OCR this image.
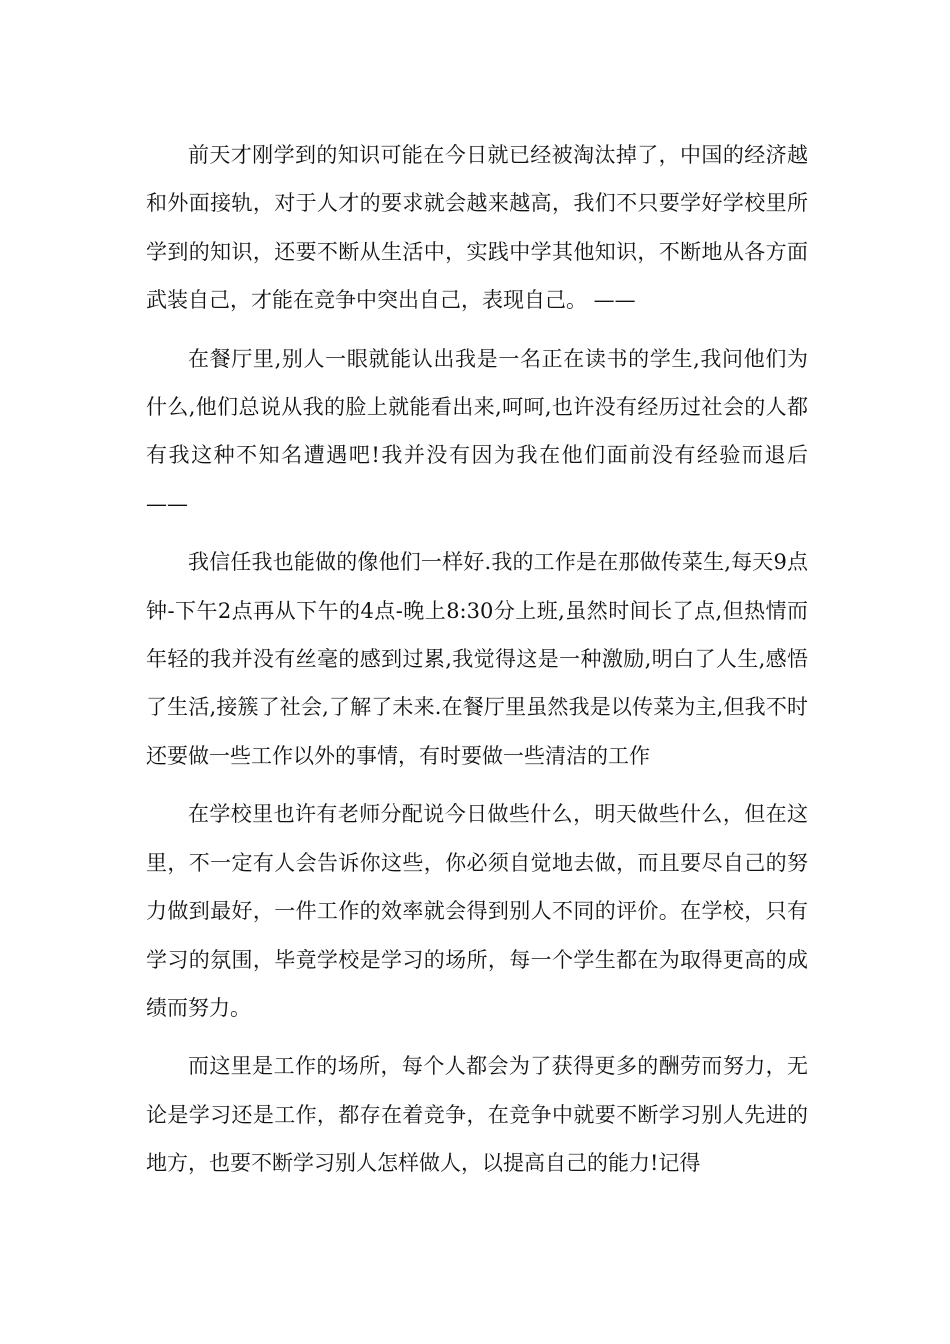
前天才刚学到的知识可能在今日就已经被淘汰掉了，中国的经济越和外面接轨，对于人才的要求就会越来越高，我们不只要学好学校里所学到的知识，还要不断从生活中，实践中学其他知识，不断地从各方面武装自己，才能在竞争中突出自己，表现自己。 ——

在餐厅里,别人一眼就能认出我是一名正在读书的学生,我问他们为什么,他们总说从我的脸上就能看出来,呵呵,也许没有经历过社会的人都有我这种不知名遭遇吧!我并没有因为我在他们面前没有经验而退后 ——

我信任我也能做的像他们一样好.我的工作是在那做传菜生,每天9点钟-下午2点再从下午的4点-晚上8:30分上班,虽然时间长了点,但热情而年轻的我并没有丝毫的感到过累,我觉得这是一种激励,明白了人生,感悟了生活,接簇了社会,了解了未来.在餐厅里虽然我是以传菜为主,但我不时还要做一些工作以外的事情，有时要做一些清洁的工作

在学校里也许有老师分配说今日做些什么，明天做些什么，但在这里，不一定有人会告诉你这些，你必须自觉地去做，而且要尽自己的努力做到最好，一件工作的效率就会得到别人不同的评价。在学校，只有学习的氛围，毕竟学校是学习的场所，每一个学生都在为取得更高的成绩而努力。

而这里是工作的场所，每个人都会为了获得更多的酬劳而努力，无论是学习还是工作，都存在着竞争，在竞争中就要不断学习别人先进的地方，也要不断学习别人怎样做人，以提高自己的能力!记得
